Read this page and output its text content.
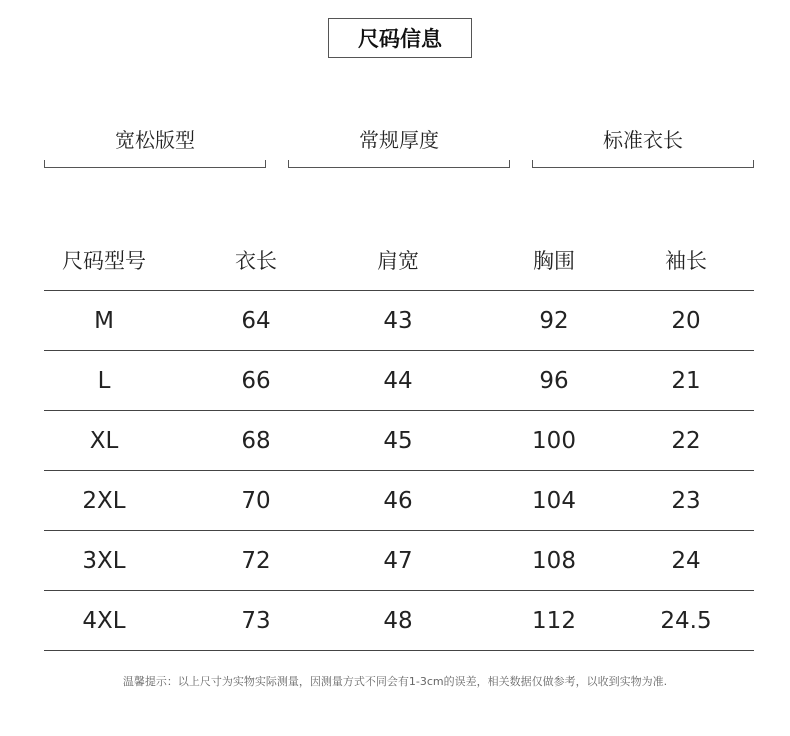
尺码信息
宽松版型	常规厚度	标准衣长
尺码型号	衣长	肩宽	胸围	袖长
M	64	43	92	20
L	66	44	96	21
XL	68	45	100	22
2XL	70	46	104	23
3XL	72	47	108	24
4XL	73	48	112	24.5
温馨提示：以上尺寸为实物实际测量，因测量方式不同会有1-3cm的误差，相关数据仅做参考，以收到实物为准.
